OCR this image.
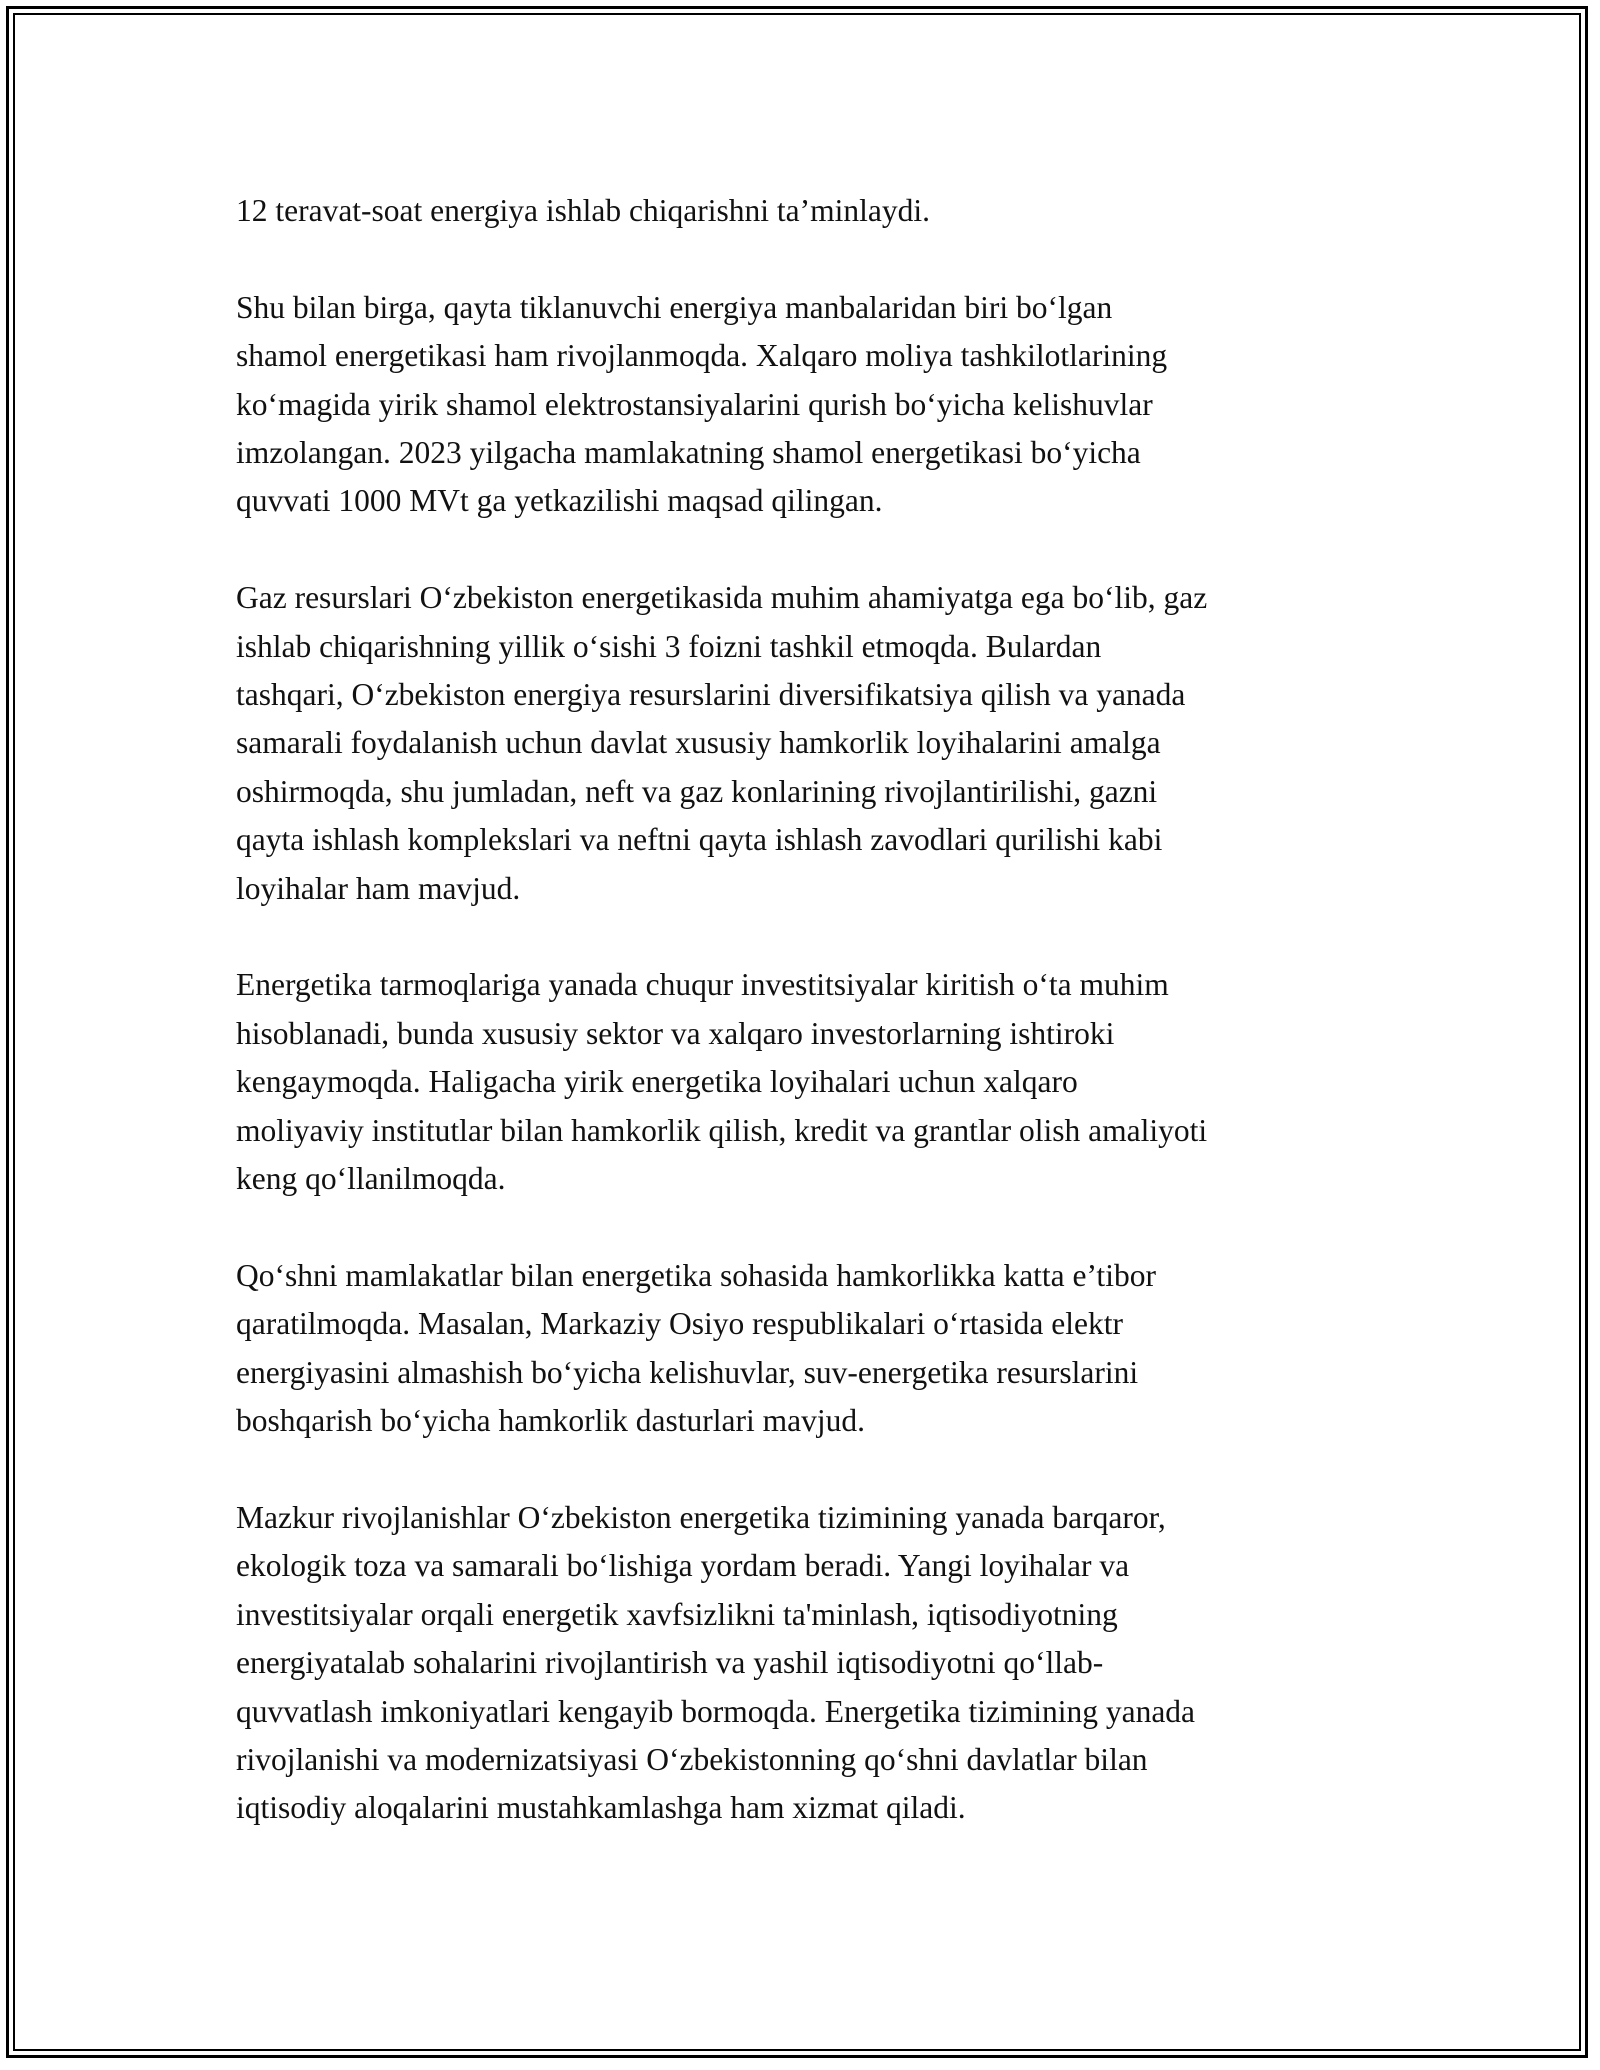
12 teravat-soat energiya ishlab chiqarishni ta’minlaydi.

Shu bilan birga, qayta tiklanuvchi energiya manbalaridan biri boʻlgan
shamol energetikasi ham rivojlanmoqda. Xalqaro moliya tashkilotlarining
koʻmagida yirik shamol elektrostansiyalarini qurish boʻyicha kelishuvlar
imzolangan. 2023 yilgacha mamlakatning shamol energetikasi boʻyicha
quvvati 1000 MVt ga yetkazilishi maqsad qilingan.

Gaz resurslari Oʻzbekiston energetikasida muhim ahamiyatga ega boʻlib, gaz
ishlab chiqarishning yillik oʻsishi 3 foizni tashkil etmoqda. Bulardan
tashqari, Oʻzbekiston energiya resurslarini diversifikatsiya qilish va yanada
samarali foydalanish uchun davlat xususiy hamkorlik loyihalarini amalga
oshirmoqda, shu jumladan, neft va gaz konlarining rivojlantirilishi, gazni
qayta ishlash komplekslari va neftni qayta ishlash zavodlari qurilishi kabi
loyihalar ham mavjud.

Energetika tarmoqlariga yanada chuqur investitsiyalar kiritish oʻta muhim
hisoblanadi, bunda xususiy sektor va xalqaro investorlarning ishtiroki
kengaymoqda. Haligacha yirik energetika loyihalari uchun xalqaro
moliyaviy institutlar bilan hamkorlik qilish, kredit va grantlar olish amaliyoti
keng qoʻllanilmoqda.

Qoʻshni mamlakatlar bilan energetika sohasida hamkorlikka katta e’tibor
qaratilmoqda. Masalan, Markaziy Osiyo respublikalari oʻrtasida elektr
energiyasini almashish boʻyicha kelishuvlar, suv-energetika resurslarini
boshqarish boʻyicha hamkorlik dasturlari mavjud.

Mazkur rivojlanishlar Oʻzbekiston energetika tizimining yanada barqaror,
ekologik toza va samarali boʻlishiga yordam beradi. Yangi loyihalar va
investitsiyalar orqali energetik xavfsizlikni ta'minlash, iqtisodiyotning
energiyatalab sohalarini rivojlantirish va yashil iqtisodiyotni qoʻllab-
quvvatlash imkoniyatlari kengayib bormoqda. Energetika tizimining yanada
rivojlanishi va modernizatsiyasi Oʻzbekistonning qoʻshni davlatlar bilan
iqtisodiy aloqalarini mustahkamlashga ham xizmat qiladi.
